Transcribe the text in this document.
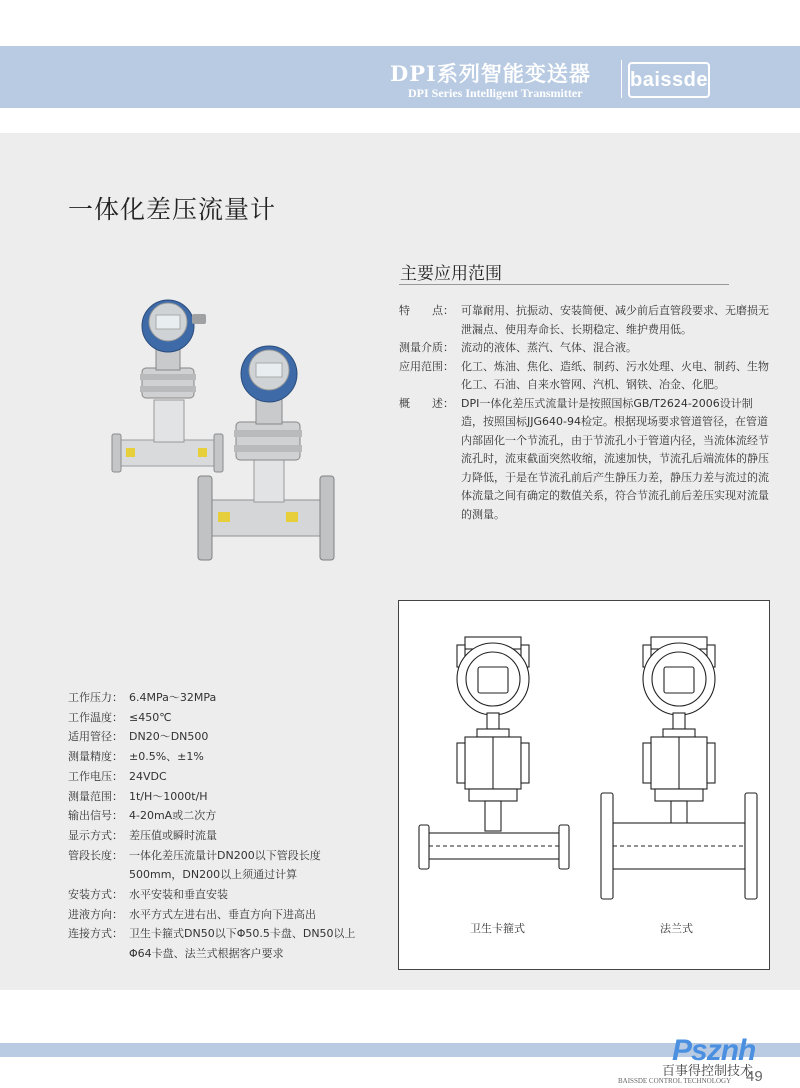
DPI系列智能变送器
DPI Series Intelligent Transmitter
baissde
一体化差压流量计
主要应用范围
特　　点： 可靠耐用、抗振动、安装简便、减少前后直管段要求、无磨损无泄漏点、使用寿命长、长期稳定、维护费用低。
测量介质： 流动的液体、蒸汽、气体、混合液。
应用范围： 化工、炼油、焦化、造纸、制药、污水处理、火电、制药、生物化工、石油、自来水管网、汽机、钢铁、冶金、化肥。
概　　述： DPI一体化差压式流量计是按照国标GB/T2624-2006设计制造，按照国标JJG640-94检定。根据现场要求管道管径，在管道内部固化一个节流孔，由于节流孔小于管道内径，当流体流经节流孔时，流束截面突然收缩，流速加快，节流孔后端流体的静压力降低，于是在节流孔前后产生静压力差，静压力差与流过的流体流量之间有确定的数值关系，符合节流孔前后差压实现对流量的测量。
工作压力： 6.4MPa～32MPa
工作温度： ≤450℃
适用管径： DN20～DN500
测量精度： ±0.5%、±1%
工作电压： 24VDC
测量范围： 1t/H～1000t/H
输出信号： 4-20mA或二次方
显示方式： 差压值或瞬时流量
管段长度： 一体化差压流量计DN200以下管段长度500mm，DN200以上须通过计算
安装方式： 水平安装和垂直安装
进液方向： 水平方式左进右出、垂直方向下进高出
连接方式： 卫生卡箍式DN50以下Φ50.5卡盘、DN50以上Φ64卡盘、法兰式根据客户要求
卫生卡箍式	法兰式
Psznh
百事得控制技术
BAISSDE CONTROL TECHNOLOGY 49
